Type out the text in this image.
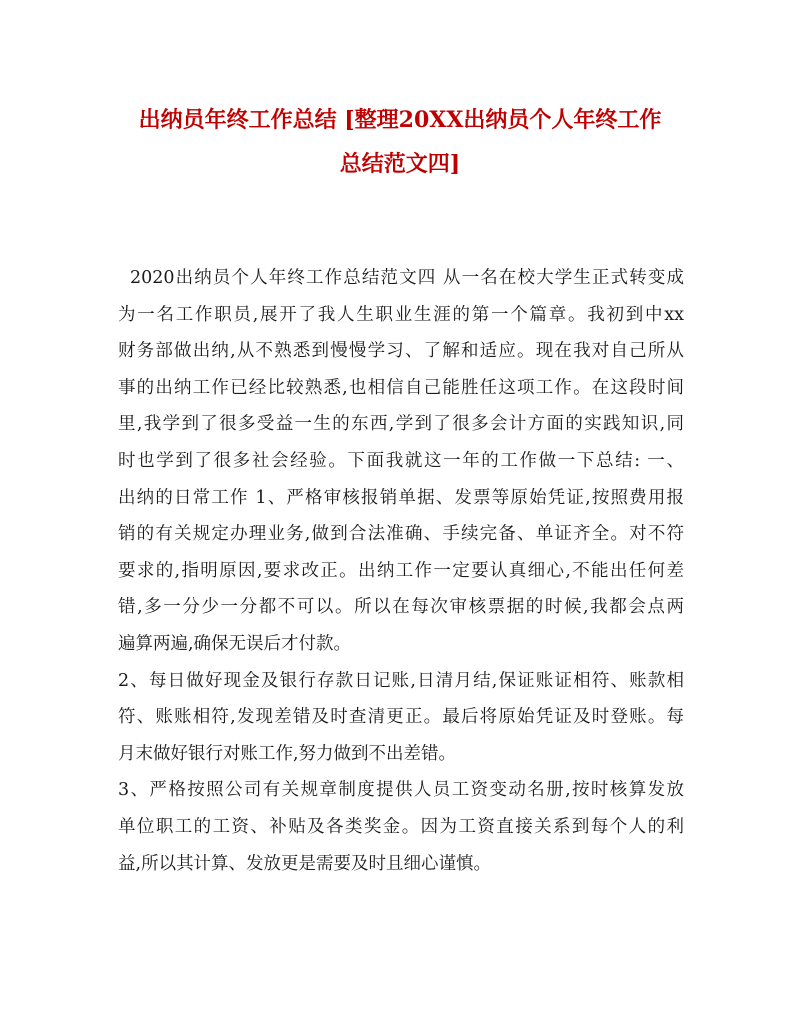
出纳员年终工作总结 [整理20XX出纳员个人年终工作
总结范文四]

2020出纳员个人年终工作总结范文四 从一名在校大学生正式转变成
为一名工作职员,展开了我人生职业生涯的第一个篇章。我初到中xx
财务部做出纳,从不熟悉到慢慢学习、了解和适应。现在我对自己所从
事的出纳工作已经比较熟悉,也相信自己能胜任这项工作。在这段时间
里,我学到了很多受益一生的东西,学到了很多会计方面的实践知识,同
时也学到了很多社会经验。下面我就这一年的工作做一下总结: 一、
出纳的日常工作 1、严格审核报销单据、发票等原始凭证,按照费用报
销的有关规定办理业务,做到合法准确、手续完备、单证齐全。对不符
要求的,指明原因,要求改正。出纳工作一定要认真细心,不能出任何差
错,多一分少一分都不可以。所以在每次审核票据的时候,我都会点两
遍算两遍,确保无误后才付款。

2、每日做好现金及银行存款日记账,日清月结,保证账证相符、账款相
符、账账相符,发现差错及时查清更正。最后将原始凭证及时登账。每
月末做好银行对账工作,努力做到不出差错。

3、严格按照公司有关规章制度提供人员工资变动名册,按时核算发放
单位职工的工资、补贴及各类奖金。因为工资直接关系到每个人的利
益,所以其计算、发放更是需要及时且细心谨慎。
